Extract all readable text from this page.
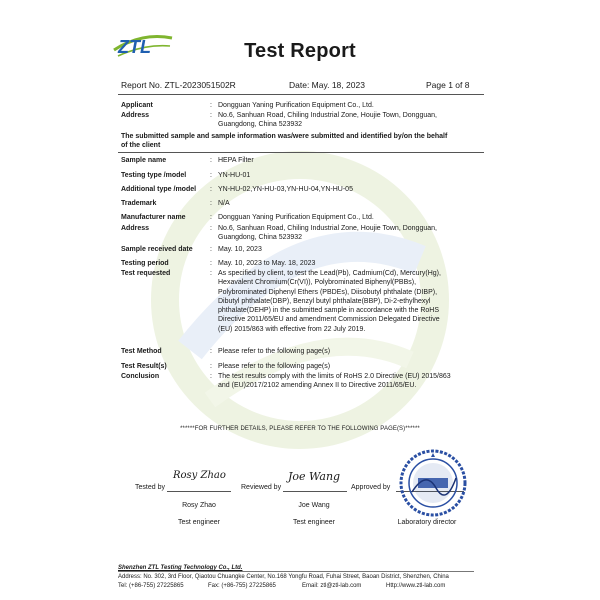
ZTL	Test Report
Report No. ZTL-2023051502R	Date: May. 18, 2023	Page 1 of 8
Applicant	: Dongguan Yaning Purification Equipment Co., Ltd.
Address	: No.6, Sanhuan Road, Chiling Industrial Zone, Houjie Town, Dongguan,
Guangdong, China 523932
The submitted sample and sample information was/were submitted and identified by/on the behalf
of the client
Sample name	: HEPA Filter
Testing type /model	: YN-HU-01
Additional type /model	: YN-HU-02,YN-HU-03,YN-HU-04,YN-HU-05
Trademark	: N/A
Manufacturer name	: Dongguan Yaning Purification Equipment Co., Ltd.
Address	: No.6, Sanhuan Road, Chiling Industrial Zone, Houjie Town, Dongguan,
Guangdong, China 523932
Sample received date	: May. 10, 2023
Testing period	: May. 10, 2023 to May. 18, 2023
Test requested	: As specified by client, to test the Lead(Pb), Cadmium(Cd), Mercury(Hg),
Hexavalent Chromium(Cr(VI)), Polybrominated Biphenyl(PBBs),
Polybrominated Diphenyl Ethers (PBDEs), Diisobutyl phthalate (DIBP),
Dibutyl phthalate(DBP), Benzyl butyl phthalate(BBP), Di-2-ethylhexyl
phthalate(DEHP) in the submitted sample in accordance with the RoHS
Directive 2011/65/EU and amendment Commission Delegated Directive
(EU) 2015/863 with effective from 22 July 2019.
Test Method	: Please refer to the following page(s)
Test Result(s)	: Please refer to the following page(s)
Conclusion	: The test results comply with the limits of RoHS 2.0 Directive (EU) 2015/863
and (EU)2017/2102 amending Annex II to Directive 2011/65/EU.
******FOR FURTHER DETAILS, PLEASE REFER TO THE FOLLOWING PAGE(S)******
Tested by
Rosy Zhao
Reviewed by
Joe Wang
Approved by
Rosy Zhao	Joe Wang
Test engineer	Test engineer	Laboratory director
Shenzhen ZTL Testing Technology Co., Ltd.
Address: No. 302, 3rd Floor, Qiaotou Chuangke Center, No.168 Yongfu Road, Fuhai Street, Baoan District, Shenzhen, China
Tel: (+86-755) 27225865	Fax: (+86-755) 27225865	Email: ztl@ztl-lab.com	Http://www.ztl-lab.com
